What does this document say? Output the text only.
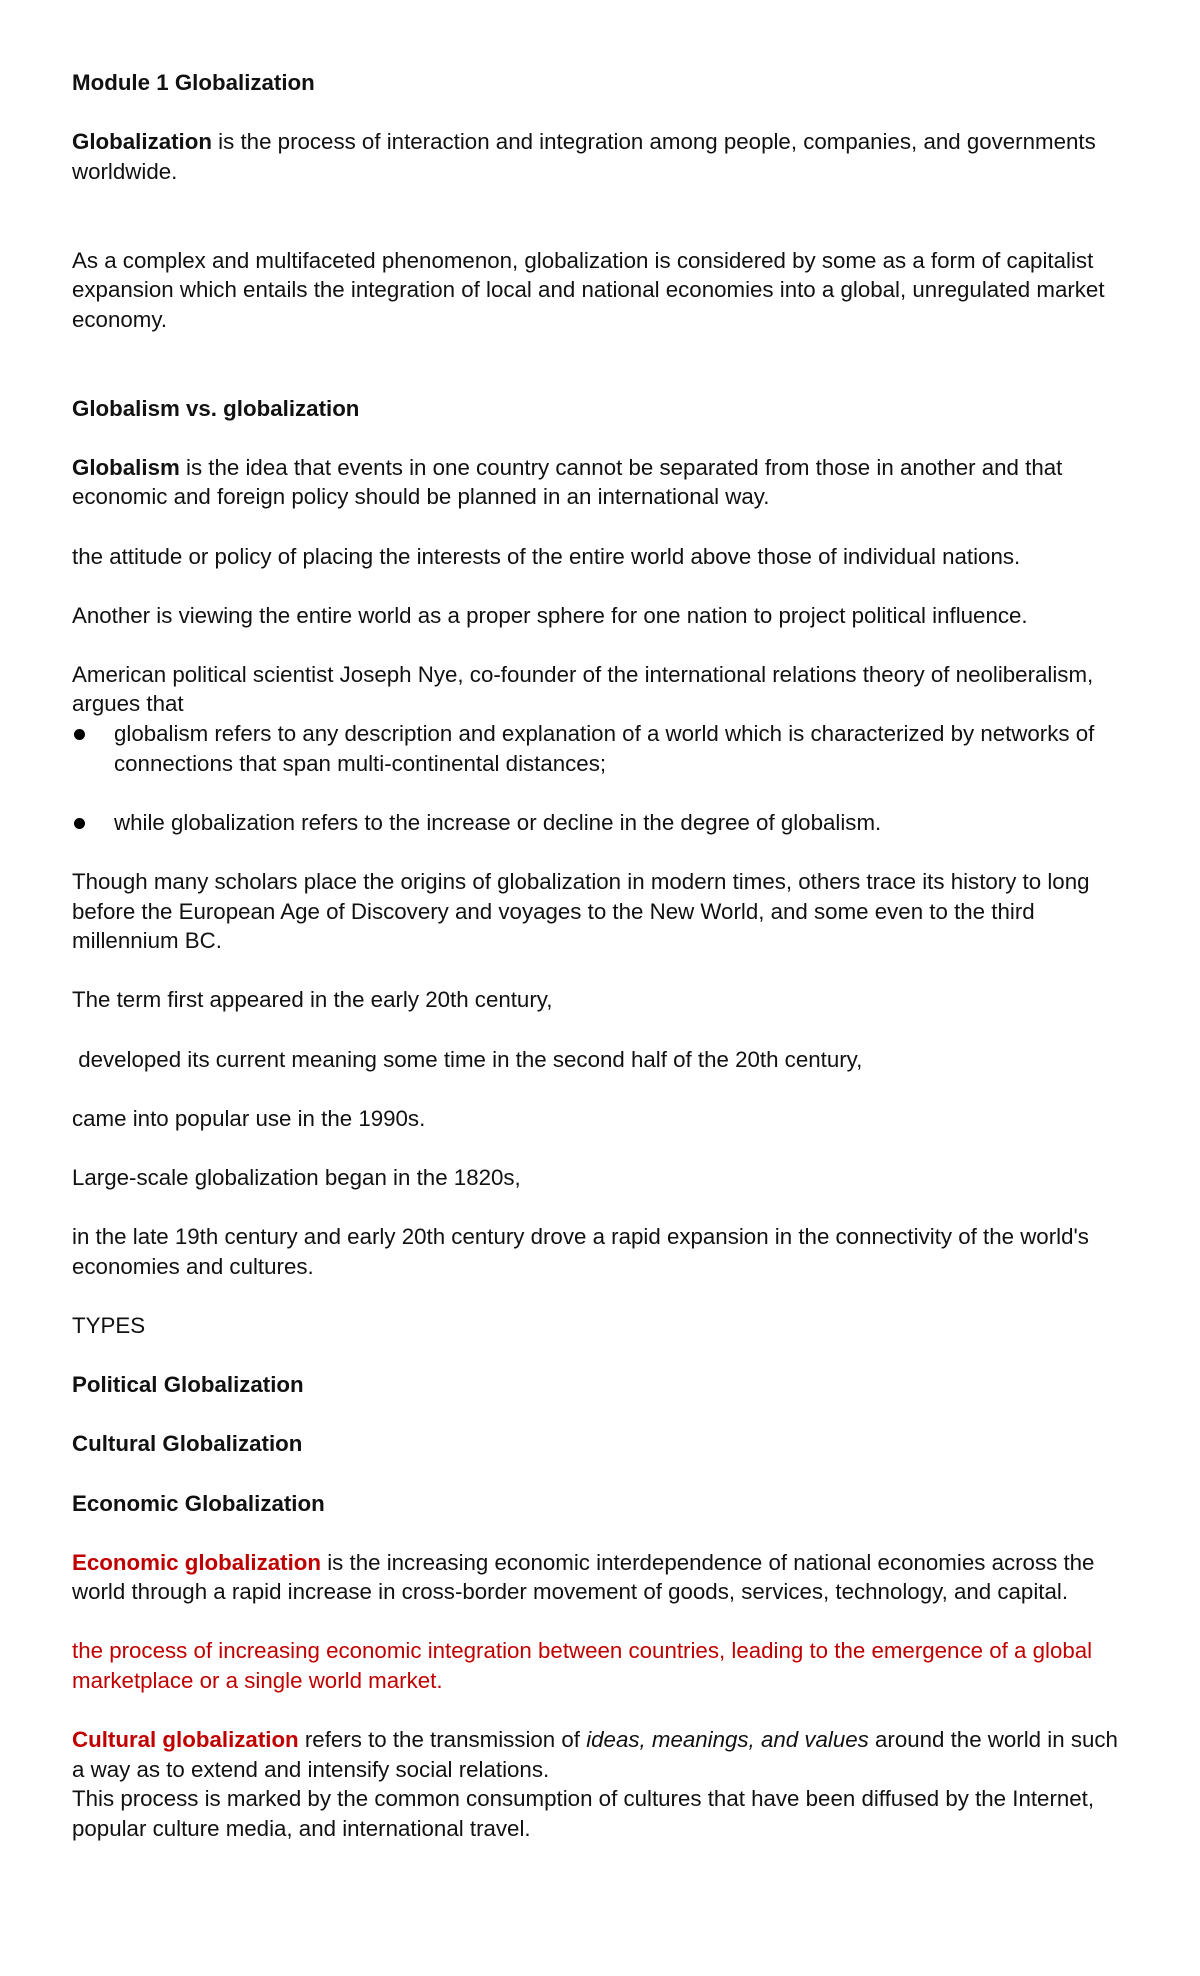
Module 1 Globalization

Globalization is the process of interaction and integration among people, companies, and governments worldwide.

As a complex and multifaceted phenomenon, globalization is considered by some as a form of capitalist expansion which entails the integration of local and national economies into a global, unregulated market economy.

Globalism vs. globalization

Globalism is the idea that events in one country cannot be separated from those in another and that economic and foreign policy should be planned in an international way.

the attitude or policy of placing the interests of the entire world above those of individual nations.

Another is viewing the entire world as a proper sphere for one nation to project political influence.

American political scientist Joseph Nye, co-founder of the international relations theory of neoliberalism, argues that

globalism refers to any description and explanation of a world which is characterized by networks of connections that span multi-continental distances;
while globalization refers to the increase or decline in the degree of globalism.

Though many scholars place the origins of globalization in modern times, others trace its history to long before the European Age of Discovery and voyages to the New World, and some even to the third millennium BC.

The term first appeared in the early 20th century,

developed its current meaning some time in the second half of the 20th century,

came into popular use in the 1990s.

Large-scale globalization began in the 1820s,

in the late 19th century and early 20th century drove a rapid expansion in the connectivity of the world's economies and cultures.

TYPES

Political Globalization

Cultural Globalization

Economic Globalization

Economic globalization is the increasing economic interdependence of national economies across the world through a rapid increase in cross-border movement of goods, services, technology, and capital.

the process of increasing economic integration between countries, leading to the emergence of a global marketplace or a single world market.

Cultural globalization refers to the transmission of ideas, meanings, and values around the world in such a way as to extend and intensify social relations.

This process is marked by the common consumption of cultures that have been diffused by the Internet, popular culture media, and international travel.
